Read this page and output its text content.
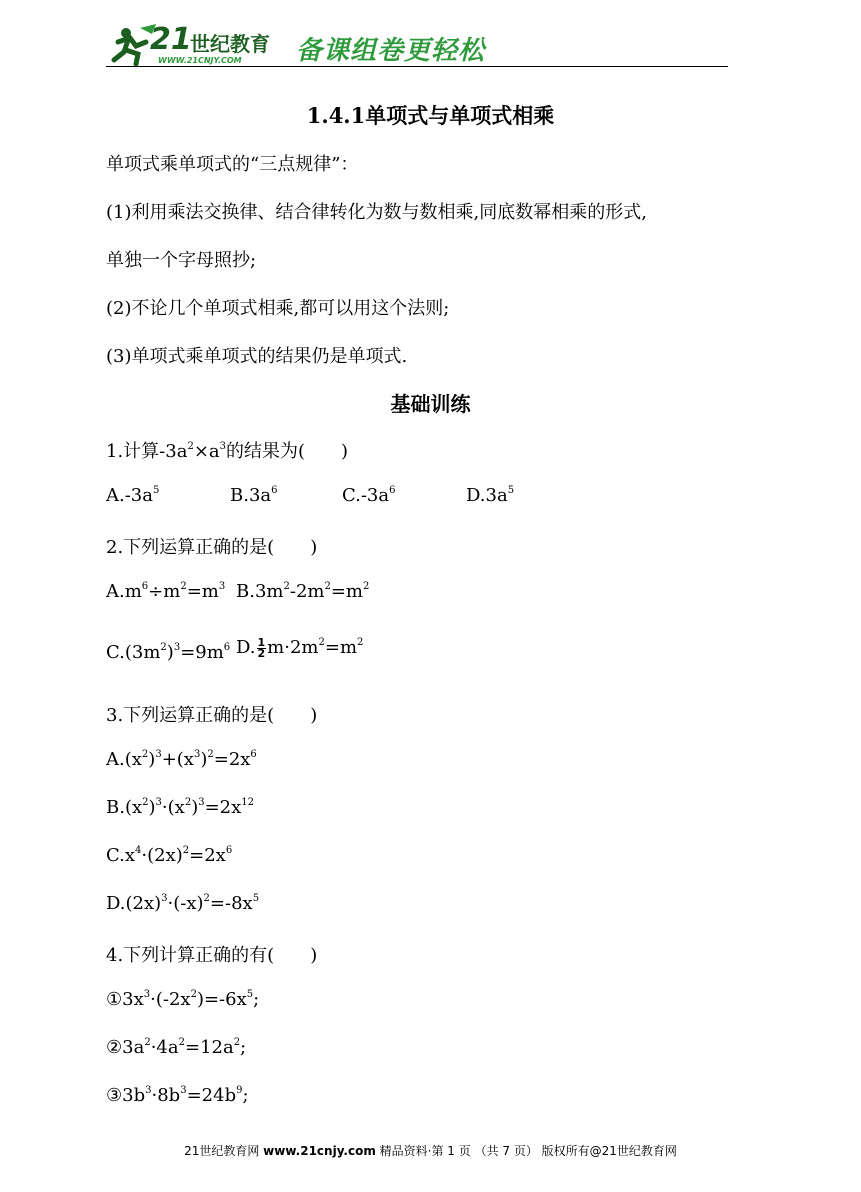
21
世纪教育
WWW.21CNJY.COM 备课组卷更轻松
1.4.1单项式与单项式相乘
单项式乘单项式的“三点规律”：
(1)利用乘法交换律、结合律转化为数与数相乘,同底数幂相乘的形式,
单独一个字母照抄;
(2)不论几个单项式相乘,都可以用这个法则;
(3)单项式乘单项式的结果仍是单项式.
基础训练
1.计算$-3a^2\times a^3$的结果为(　　)
$A.-3a^5$	$B.3a^6$	$C.-3a^6$	$D.3a^5$
2.下列运算正确的是(　　)
$A.m^6\div m^2=m^3$ $B.3m^2-2m^2=m^2$
$C.(3m^2)^3=9m^6$ D. $\frac{1}{2} m\cdot 2m^2=m^2$
3.下列运算正确的是(　　)
$A.(x^2)^3+(x^3)^2=2x^6$
$B.(x^2)^3\cdot(x^2)^3=2x^{12}$
$C.x^4\cdot(2x)^2=2x^6$
$D.(2x)^3\cdot(-x)^2=-8x^5$
4.下列计算正确的有(　　)
$①3x^3\cdot(-2x^2)=-6x^5$;
$②3a^2\cdot 4a^2=12a^2$;
$③3b^3\cdot 8b^3=24b^9$;
21世纪教育网 www.21cnjy.com 精品资料·第 1 页 （共 7 页） 版权所有@21世纪教育网
